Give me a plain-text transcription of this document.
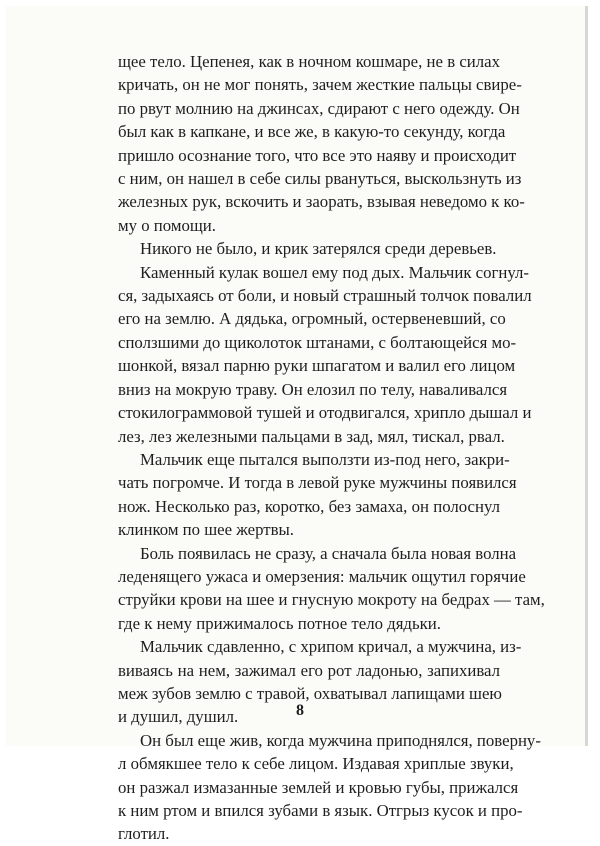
щее тело. Цепенея, как в ночном кошмаре, не в силах
кричать, он не мог понять, зачем жесткие пальцы свире-
по рвут молнию на джинсах, сдирают с него одежду. Он
был как в капкане, и все же, в какую-то секунду, когда
пришло осознание того, что все это наяву и происходит
с ним, он нашел в себе силы рвануться, выскользнуть из
железных рук, вскочить и заорать, взывая неведомо к ко-
му о помощи.
Никого не было, и крик затерялся среди деревьев.
Каменный кулак вошел ему под дых. Мальчик согнул-
ся, задыхаясь от боли, и новый страшный толчок повалил
его на землю. А дядька, огромный, остервеневший, со
сползшими до щиколоток штанами, с болтающейся мо-
шонкой, вязал парню руки шпагатом и валил его лицом
вниз на мокрую траву. Он елозил по телу, наваливался
стокилограммовой тушей и отодвигался, хрипло дышал и
лез, лез железными пальцами в зад, мял, тискал, рвал.
Мальчик еще пытался выползти из-под него, закри-
чать погромче. И тогда в левой руке мужчины появился
нож. Несколько раз, коротко, без замаха, он полоснул
клинком по шее жертвы.
Боль появилась не сразу, а сначала была новая волна
леденящего ужаса и омерзения: мальчик ощутил горячие
струйки крови на шее и гнусную мокроту на бедрах — там,
где к нему прижималось потное тело дядьки.
Мальчик сдавленно, с хрипом кричал, а мужчина, из-
виваясь на нем, зажимал его рот ладонью, запихивал
меж зубов землю с травой, охватывал лапищами шею
и душил, душил.
Он был еще жив, когда мужчина приподнялся, поверну-
л обмякшее тело к себе лицом. Издавая хриплые звуки,
он разжал измазанные землей и кровью губы, прижался
к ним ртом и впился зубами в язык. Отгрыз кусок и про-
глотил.
8
